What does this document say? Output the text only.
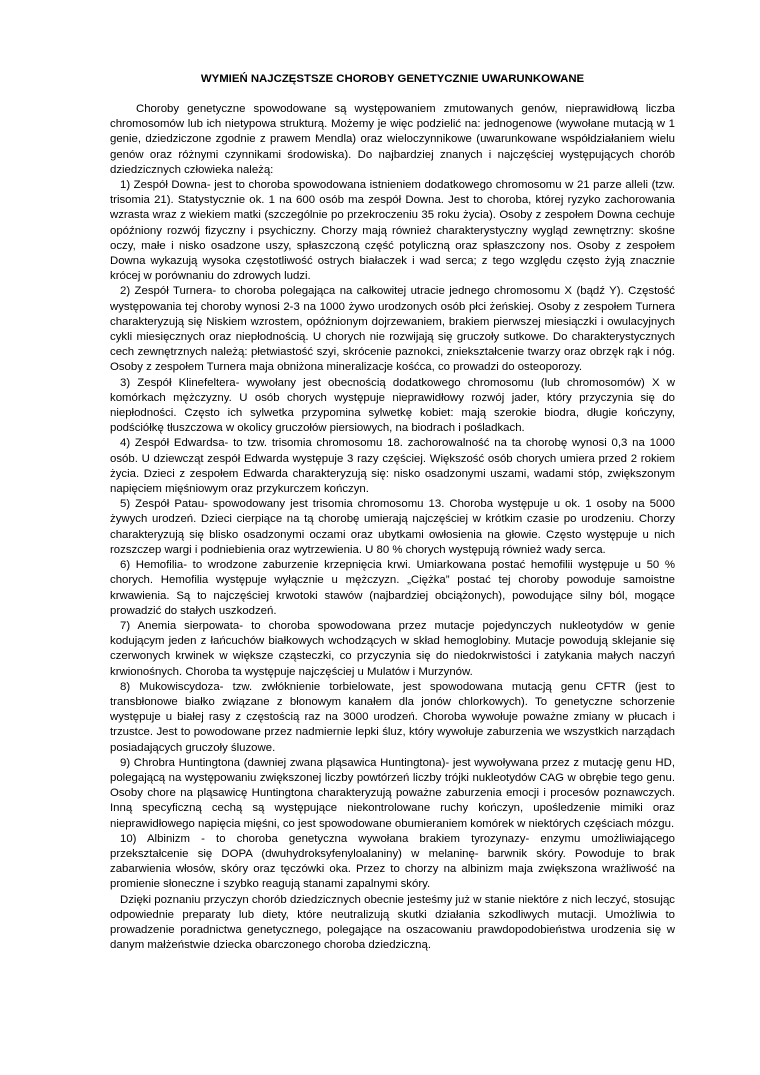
WYMIEŃ NAJCZĘSTSZE CHOROBY GENETYCZNIE UWARUNKOWANE

Choroby genetyczne spowodowane są występowaniem zmutowanych genów, nieprawidłową liczba chromosomów lub ich nietypowa strukturą. Możemy je więc podzielić na: jednogenowe (wywołane mutacją w 1 genie, dziedziczone zgodnie z prawem Mendla) oraz wieloczynnikowe (uwarunkowane współdziałaniem wielu genów oraz różnymi czynnikami środowiska). Do najbardziej znanych i najczęściej występujących chorób dziedzicznych człowieka należą:

1) Zespół Downa- jest to choroba spowodowana istnieniem dodatkowego chromosomu w 21 parze alleli (tzw. trisomia 21). Statystycznie ok. 1 na 600 osób ma zespół Downa. Jest to choroba, której ryzyko zachorowania wzrasta wraz z wiekiem matki (szczególnie po przekroczeniu 35 roku życia). Osoby z zespołem Downa cechuje opóźniony rozwój fizyczny i psychiczny. Chorzy mają również charakterystyczny wygląd zewnętrzny: skośne oczy, małe i nisko osadzone uszy, spłaszczoną część potyliczną oraz spłaszczony nos. Osoby z zespołem Downa wykazują wysoka częstotliwość ostrych białaczek i wad serca; z tego względu często żyją znacznie krócej w porównaniu do zdrowych ludzi.

2) Zespół Turnera- to choroba polegająca na całkowitej utracie jednego chromosomu X (bądź Y). Częstość występowania tej choroby wynosi 2-3 na 1000 żywo urodzonych osób płci żeńskiej. Osoby z zespołem Turnera charakteryzują się Niskiem wzrostem, opóźnionym dojrzewaniem, brakiem pierwszej miesiączki i owulacyjnych cykli miesięcznych oraz niepłodnością. U chorych nie rozwijają się gruczoły sutkowe. Do charakterystycznych cech zewnętrznych należą: płetwiastość szyi, skrócenie paznokci, zniekształcenie twarzy oraz obrzęk rąk i nóg. Osoby z zespołem Turnera maja obniżona mineralizacje kośćca, co prowadzi do osteoporozy.

3) Zespół Klinefeltera- wywołany jest obecnością dodatkowego chromosomu (lub chromosomów) X w komórkach mężczyzny. U osób chorych występuje nieprawidłowy rozwój jader, który przyczynia się do niepłodności. Często ich sylwetka przypomina sylwetkę kobiet: mają szerokie biodra, długie kończyny, podściółkę tłuszczowa w okolicy gruczołów piersiowych, na biodrach i pośladkach.

4) Zespół Edwardsa- to tzw. trisomia chromosomu 18. zachorowalność na ta chorobę wynosi 0,3 na 1000 osób. U dziewcząt zespół Edwarda występuje 3 razy częściej. Większość osób chorych umiera przed 2 rokiem życia. Dzieci z zespołem Edwarda charakteryzują się: nisko osadzonymi uszami, wadami stóp, zwiększonym napięciem mięśniowym oraz przykurczem kończyn.

5) Zespół Patau- spowodowany jest trisomia chromosomu 13. Choroba występuje u ok. 1 osoby na 5000 żywych urodzeń. Dzieci cierpiące na tą chorobę umierają najczęściej w krótkim czasie po urodzeniu. Chorzy charakteryzują się blisko osadzonymi oczami oraz ubytkami owłosienia na głowie. Często występuje u nich rozszczep wargi i podniebienia oraz wytrzewienia. U 80 % chorych występują również wady serca.

6) Hemofilia- to wrodzone zaburzenie krzepnięcia krwi. Umiarkowana postać hemofilii występuje u 50 % chorych. Hemofilia występuje wyłącznie u mężczyzn. „Ciężka” postać tej choroby powoduje samoistne krwawienia. Są to najczęściej krwotoki stawów (najbardziej obciążonych), powodujące silny ból, mogące prowadzić do stałych uszkodzeń.

7) Anemia sierpowata- to choroba spowodowana przez mutacje pojedynczych nukleotydów w genie kodującym jeden z łańcuchów białkowych wchodzących w skład hemoglobiny. Mutacje powodują sklejanie się czerwonych krwinek w większe cząsteczki, co przyczynia się do niedokrwistości i zatykania małych naczyń krwionośnych. Choroba ta występuje najczęściej u Mulatów i Murzynów.

8) Mukowiscydoza- tzw. zwłóknienie torbielowate, jest spowodowana mutacją genu CFTR (jest to transbłonowe białko związane z błonowym kanałem dla jonów chlorkowych). To genetyczne schorzenie występuje u białej rasy z częstością raz na 3000 urodzeń. Choroba wywołuje poważne zmiany w płucach i trzustce. Jest to powodowane przez nadmiernie lepki śluz, który wywołuje zaburzenia we wszystkich narządach posiadających gruczoły śluzowe.

9) Chrobra Huntingtona (dawniej zwana pląsawica Huntingtona)- jest wywoływana przez z mutację genu HD, polegającą na występowaniu zwiększonej liczby powtórzeń liczby trójki nukleotydów CAG w obrębie tego genu. Osoby chore na pląsawicę Huntingtona charakteryzują poważne zaburzenia emocji i procesów poznawczych. Inną specyficzną cechą są występujące niekontrolowane ruchy kończyn, upośledzenie mimiki oraz nieprawidłowego napięcia mięśni, co jest spowodowane obumieraniem komórek w niektórych częściach mózgu.

10) Albinizm - to choroba genetyczna wywołana brakiem tyrozynazy- enzymu umożliwiającego przekształcenie się DOPA (dwuhydroksyfenyloalaniny) w melaninę- barwnik skóry. Powoduje to brak zabarwienia włosów, skóry oraz tęczówki oka. Przez to chorzy na albinizm maja zwiększona wrażliwość na promienie słoneczne i szybko reagują stanami zapalnymi skóry.

Dzięki poznaniu przyczyn chorób dziedzicznych obecnie jesteśmy już w stanie niektóre z nich leczyć, stosując odpowiednie preparaty lub diety, które neutralizują skutki działania szkodliwych mutacji. Umożliwia to prowadzenie poradnictwa genetycznego, polegające na oszacowaniu prawdopodobieństwa urodzenia się w danym małżeństwie dziecka obarczonego choroba dziedziczną.
